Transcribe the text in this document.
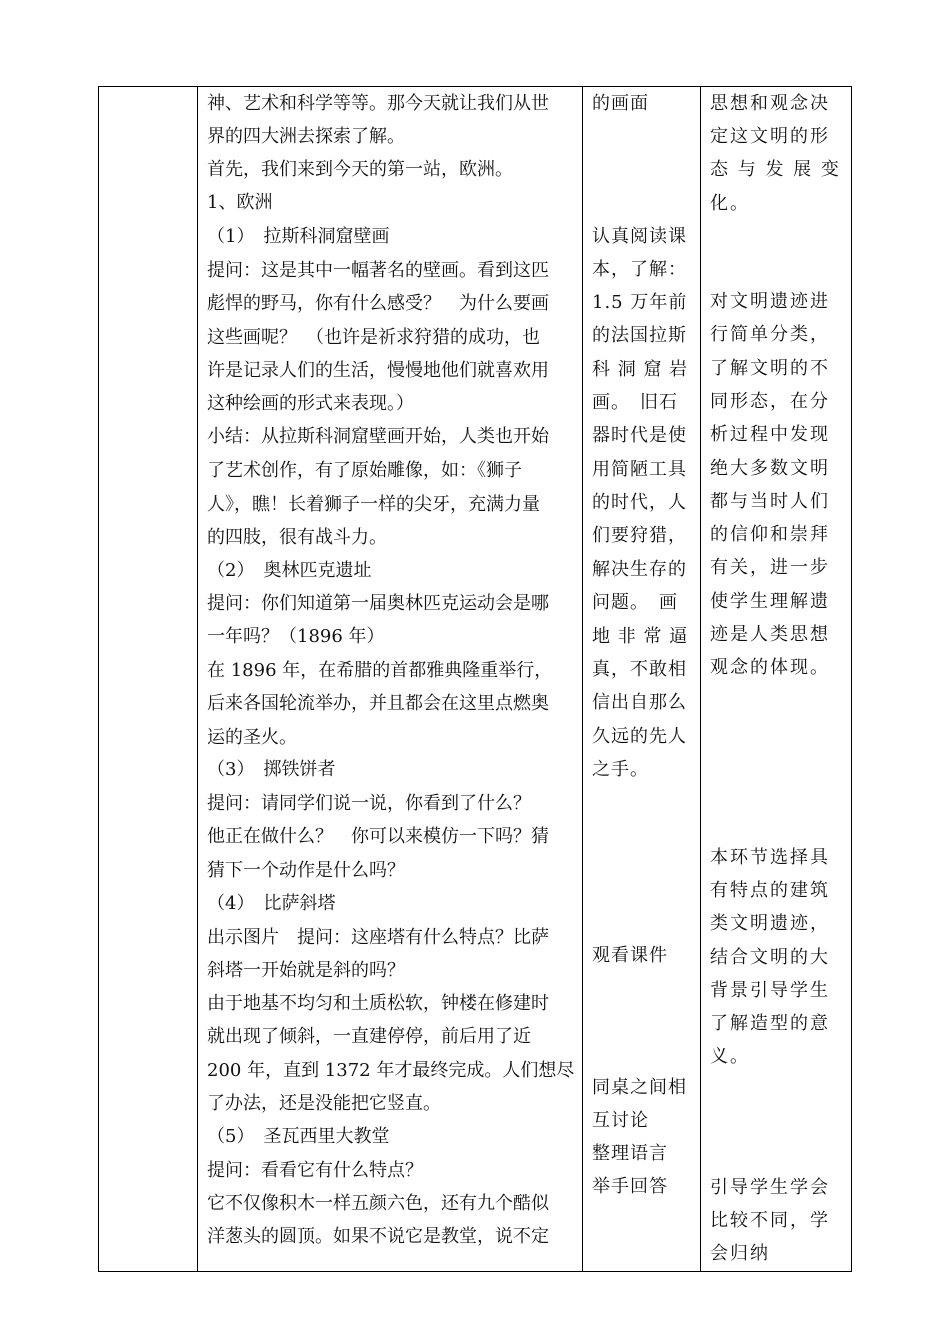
神、艺术和科学等等。那今天就让我们从世
界的四大洲去探索了解。
首先，我们来到今天的第一站，欧洲。
1、欧洲
（1）　拉斯科洞窟壁画
提问：这是其中一幅著名的壁画。看到这匹
彪悍的野马，你有什么感受？　为什么要画
这些画呢？　（也许是祈求狩猎的成功，也
许是记录人们的生活，慢慢地他们就喜欢用
这种绘画的形式来表现。）
小结：从拉斯科洞窟壁画开始，人类也开始
了艺术创作，有了原始雕像，如：《狮子
人》，瞧！长着狮子一样的尖牙，充满力量
的四肢，很有战斗力。
（2）　奥林匹克遗址
提问：你们知道第一届奥林匹克运动会是哪
一年吗？（1896 年）
在 1896 年，在希腊的首都雅典隆重举行，
后来各国轮流举办，并且都会在这里点燃奥
运的圣火。
（3）　掷铁饼者
提问：请同学们说一说，你看到了什么？
他正在做什么？　你可以来模仿一下吗？猜
猜下一个动作是什么吗？
（4）　比萨斜塔
出示图片　提问：这座塔有什么特点？比萨
斜塔一开始就是斜的吗？
由于地基不均匀和土质松软，钟楼在修建时
就出现了倾斜，一直建停停，前后用了近
200 年，直到 1372 年才最终完成。人们想尽
了办法，还是没能把它竖直。
（5）　圣瓦西里大教堂
提问：看看它有什么特点？
它不仅像积木一样五颜六色，还有九个酷似
洋葱头的圆顶。如果不说它是教堂，说不定
的画面
认真阅读课
本，了解：
1.5 万年前
的法国拉斯
科 洞 窟 岩
画。　旧石
器时代是使
用简陋工具
的时代，人
们要狩猎，
解决生存的
问题。　画
地 非 常 逼
真，不敢相
信出自那么
久远的先人
之手。
观看课件
同桌之间相
互讨论
整理语言
举手回答
思想和观念决
定这文明的形
态 与 发 展 变
化。
对文明遗迹进
行简单分类，
了解文明的不
同形态，在分
析过程中发现
绝大多数文明
都与当时人们
的信仰和崇拜
有关，进一步
使学生理解遗
迹是人类思想
观念的体现。
本环节选择具
有特点的建筑
类文明遗迹，
结合文明的大
背景引导学生
了解造型的意
义。
引导学生学会
比较不同，学
会归纳
